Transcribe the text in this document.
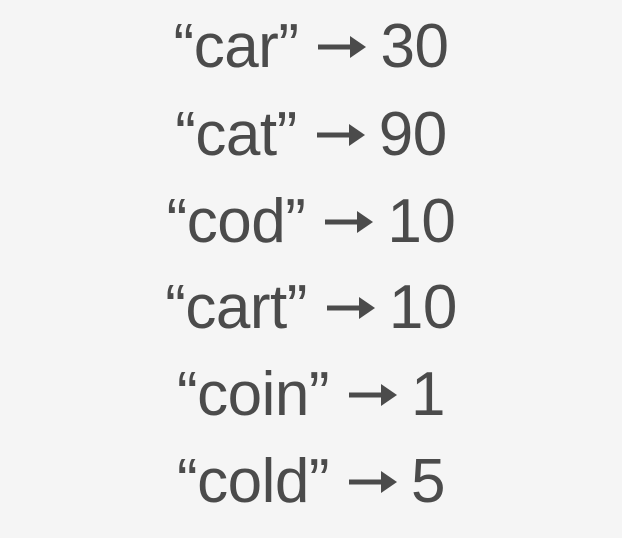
“car” 30
“cat” 90
“cod” 10
“cart” 10
“coin” 1
“cold” 5
